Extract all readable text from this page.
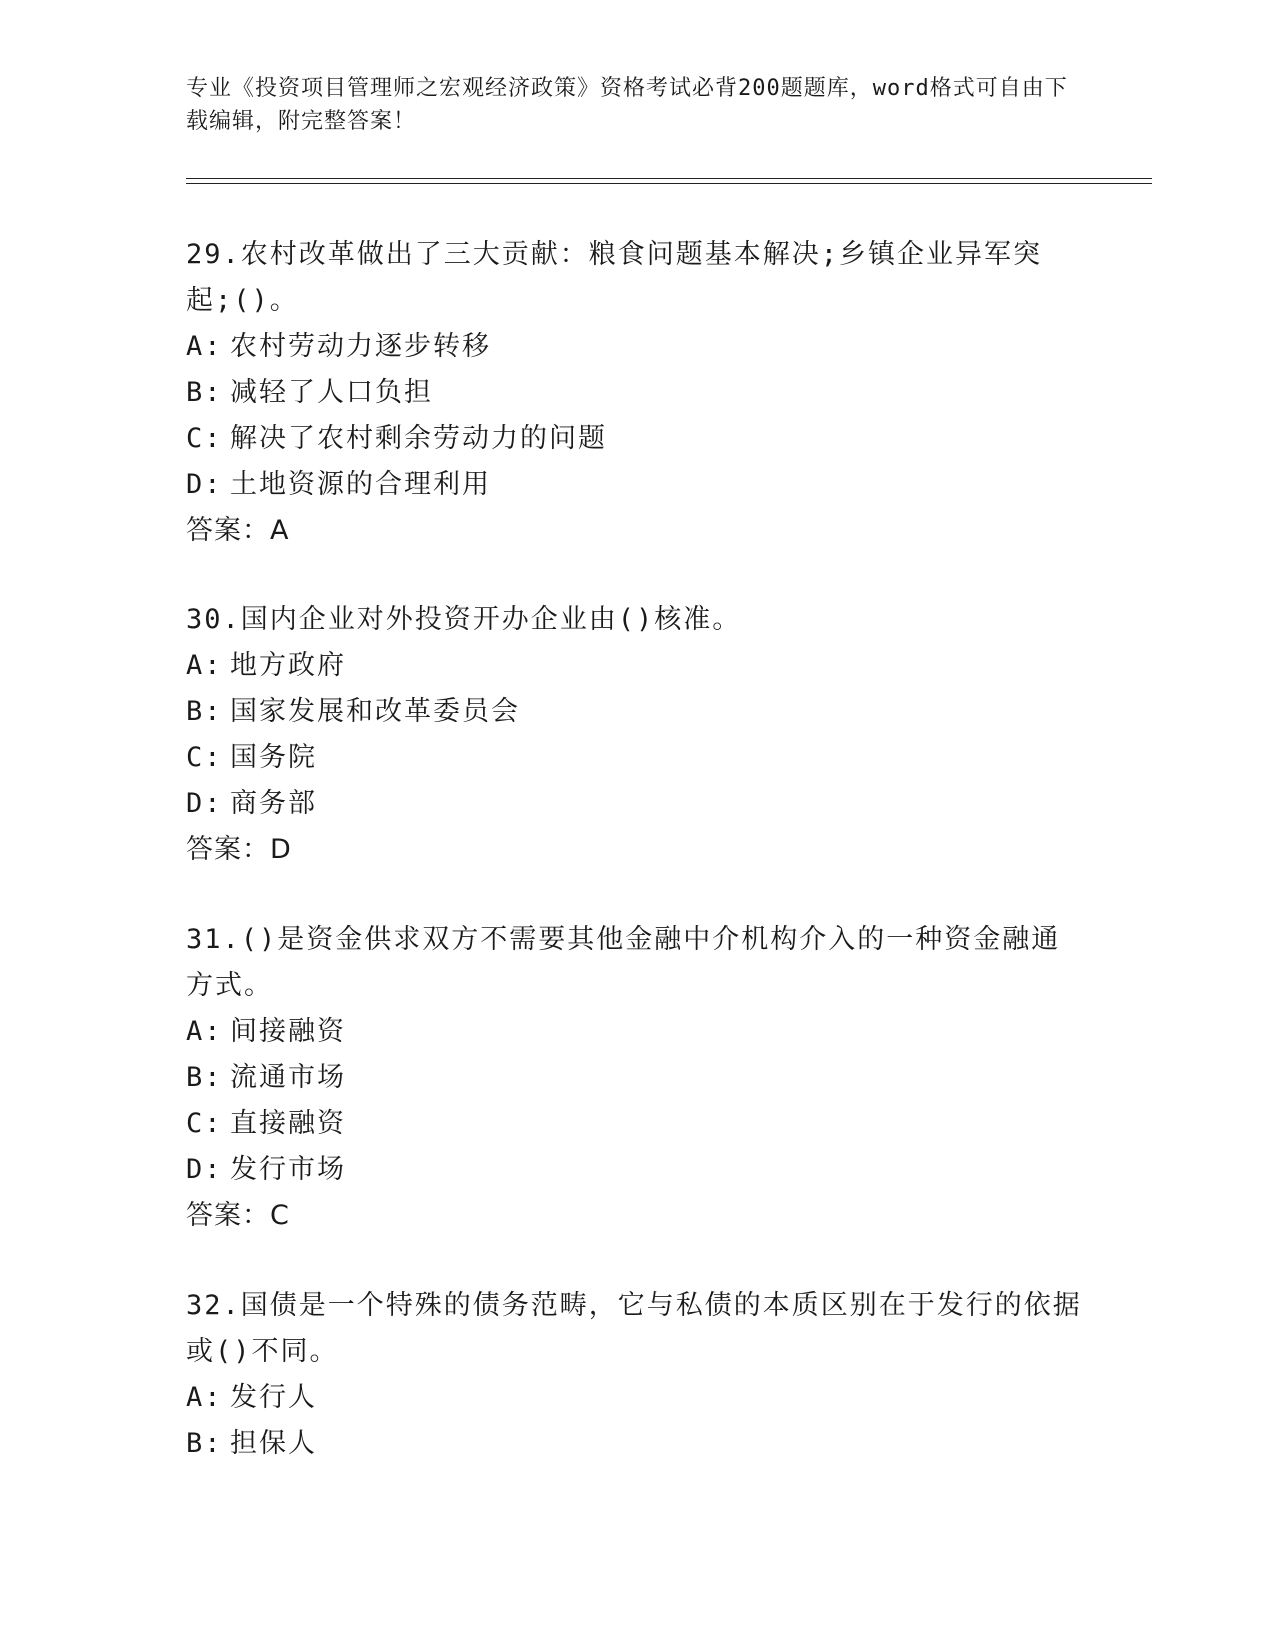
专业《投资项目管理师之宏观经济政策》资格考试必背200题题库，word格式可自由下载编辑，附完整答案！

29.农村改革做出了三大贡献：粮食问题基本解决;乡镇企业异军突起;()。

A: 农村劳动力逐步转移
B: 减轻了人口负担
C: 解决了农村剩余劳动力的问题
D: 土地资源的合理利用

答案：A

30.国内企业对外投资开办企业由()核准。

A: 地方政府
B: 国家发展和改革委员会
C: 国务院
D: 商务部

答案：D

31.()是资金供求双方不需要其他金融中介机构介入的一种资金融通方式。

A: 间接融资
B: 流通市场
C: 直接融资
D: 发行市场

答案：C

32.国债是一个特殊的债务范畴，它与私债的本质区别在于发行的依据或()不同。

A: 发行人
B: 担保人
